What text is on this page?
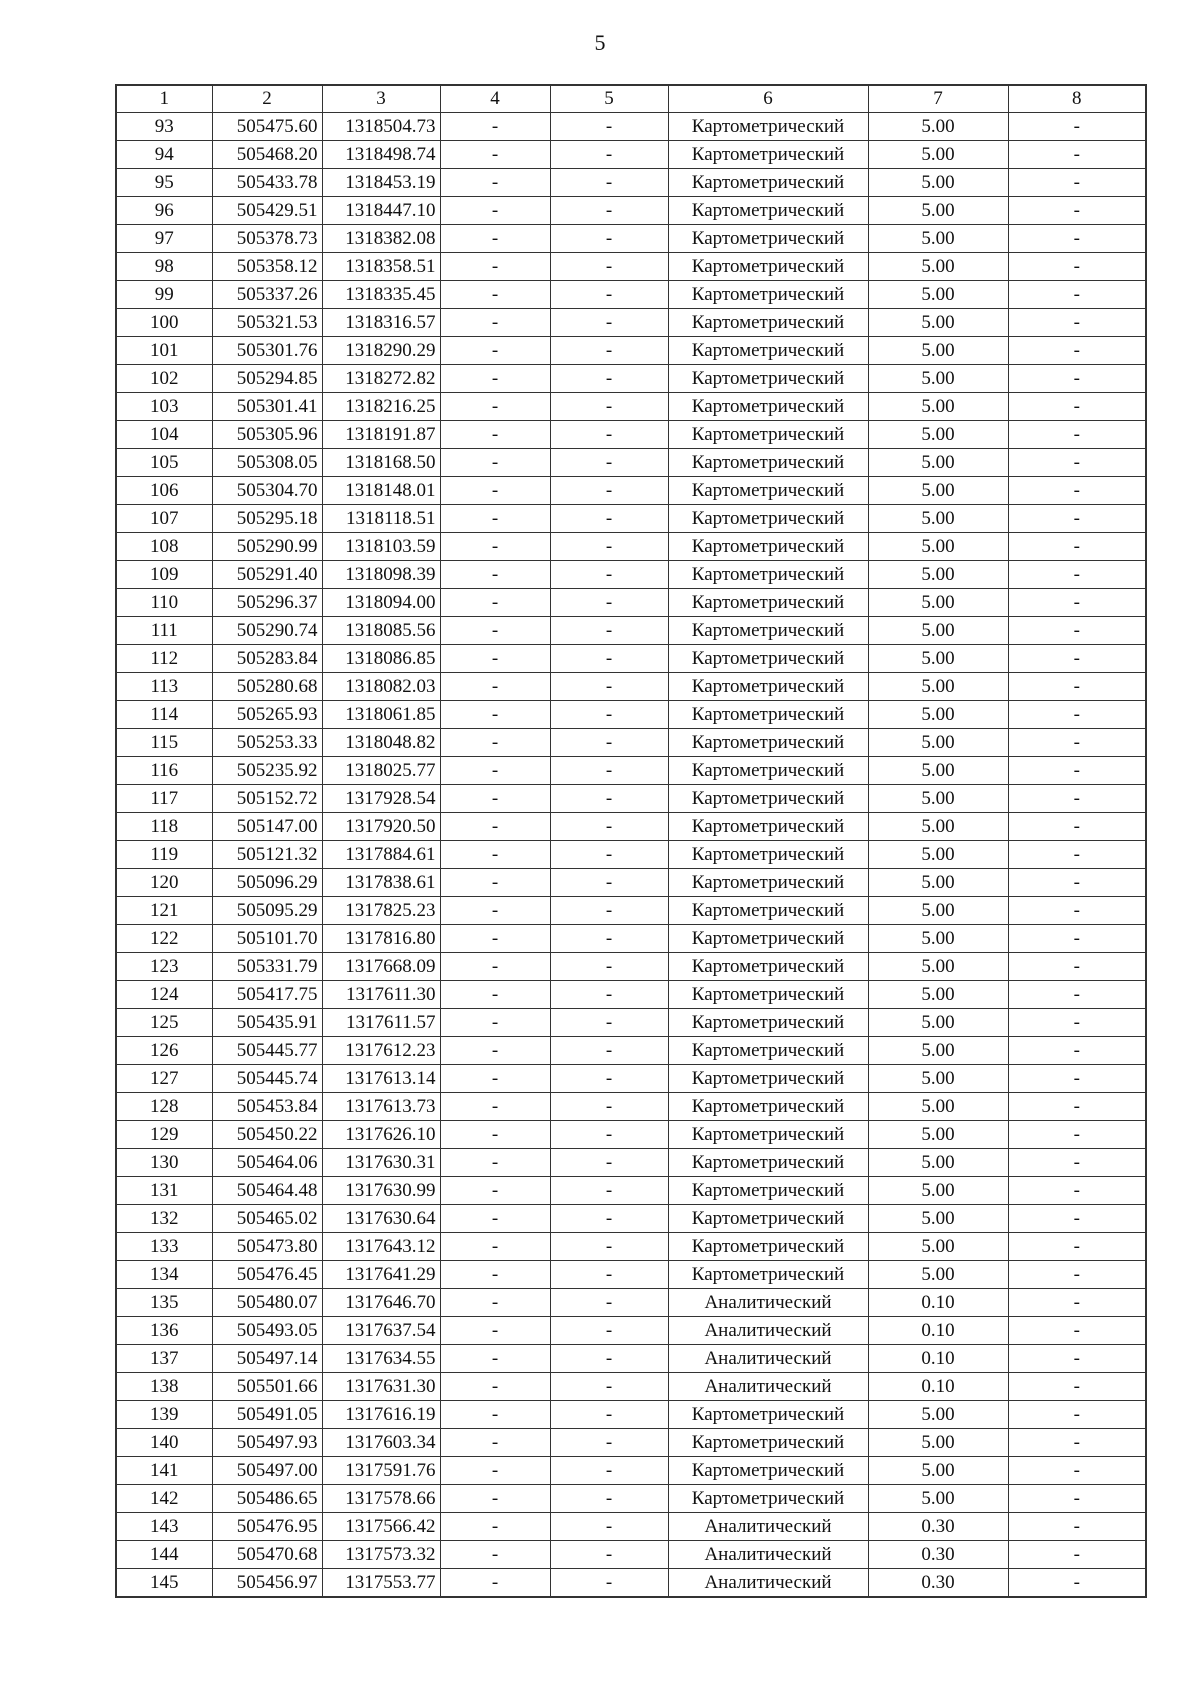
5
1	2	3	4	5	6	7	8
93	505475.60	1318504.73	-	-	Картометрический	5.00	-
94	505468.20	1318498.74	-	-	Картометрический	5.00	-
95	505433.78	1318453.19	-	-	Картометрический	5.00	-
96	505429.51	1318447.10	-	-	Картометрический	5.00	-
97	505378.73	1318382.08	-	-	Картометрический	5.00	-
98	505358.12	1318358.51	-	-	Картометрический	5.00	-
99	505337.26	1318335.45	-	-	Картометрический	5.00	-
100	505321.53	1318316.57	-	-	Картометрический	5.00	-
101	505301.76	1318290.29	-	-	Картометрический	5.00	-
102	505294.85	1318272.82	-	-	Картометрический	5.00	-
103	505301.41	1318216.25	-	-	Картометрический	5.00	-
104	505305.96	1318191.87	-	-	Картометрический	5.00	-
105	505308.05	1318168.50	-	-	Картометрический	5.00	-
106	505304.70	1318148.01	-	-	Картометрический	5.00	-
107	505295.18	1318118.51	-	-	Картометрический	5.00	-
108	505290.99	1318103.59	-	-	Картометрический	5.00	-
109	505291.40	1318098.39	-	-	Картометрический	5.00	-
110	505296.37	1318094.00	-	-	Картометрический	5.00	-
111	505290.74	1318085.56	-	-	Картометрический	5.00	-
112	505283.84	1318086.85	-	-	Картометрический	5.00	-
113	505280.68	1318082.03	-	-	Картометрический	5.00	-
114	505265.93	1318061.85	-	-	Картометрический	5.00	-
115	505253.33	1318048.82	-	-	Картометрический	5.00	-
116	505235.92	1318025.77	-	-	Картометрический	5.00	-
117	505152.72	1317928.54	-	-	Картометрический	5.00	-
118	505147.00	1317920.50	-	-	Картометрический	5.00	-
119	505121.32	1317884.61	-	-	Картометрический	5.00	-
120	505096.29	1317838.61	-	-	Картометрический	5.00	-
121	505095.29	1317825.23	-	-	Картометрический	5.00	-
122	505101.70	1317816.80	-	-	Картометрический	5.00	-
123	505331.79	1317668.09	-	-	Картометрический	5.00	-
124	505417.75	1317611.30	-	-	Картометрический	5.00	-
125	505435.91	1317611.57	-	-	Картометрический	5.00	-
126	505445.77	1317612.23	-	-	Картометрический	5.00	-
127	505445.74	1317613.14	-	-	Картометрический	5.00	-
128	505453.84	1317613.73	-	-	Картометрический	5.00	-
129	505450.22	1317626.10	-	-	Картометрический	5.00	-
130	505464.06	1317630.31	-	-	Картометрический	5.00	-
131	505464.48	1317630.99	-	-	Картометрический	5.00	-
132	505465.02	1317630.64	-	-	Картометрический	5.00	-
133	505473.80	1317643.12	-	-	Картометрический	5.00	-
134	505476.45	1317641.29	-	-	Картометрический	5.00	-
135	505480.07	1317646.70	-	-	Аналитический	0.10	-
136	505493.05	1317637.54	-	-	Аналитический	0.10	-
137	505497.14	1317634.55	-	-	Аналитический	0.10	-
138	505501.66	1317631.30	-	-	Аналитический	0.10	-
139	505491.05	1317616.19	-	-	Картометрический	5.00	-
140	505497.93	1317603.34	-	-	Картометрический	5.00	-
141	505497.00	1317591.76	-	-	Картометрический	5.00	-
142	505486.65	1317578.66	-	-	Картометрический	5.00	-
143	505476.95	1317566.42	-	-	Аналитический	0.30	-
144	505470.68	1317573.32	-	-	Аналитический	0.30	-
145	505456.97	1317553.77	-	-	Аналитический	0.30	-
